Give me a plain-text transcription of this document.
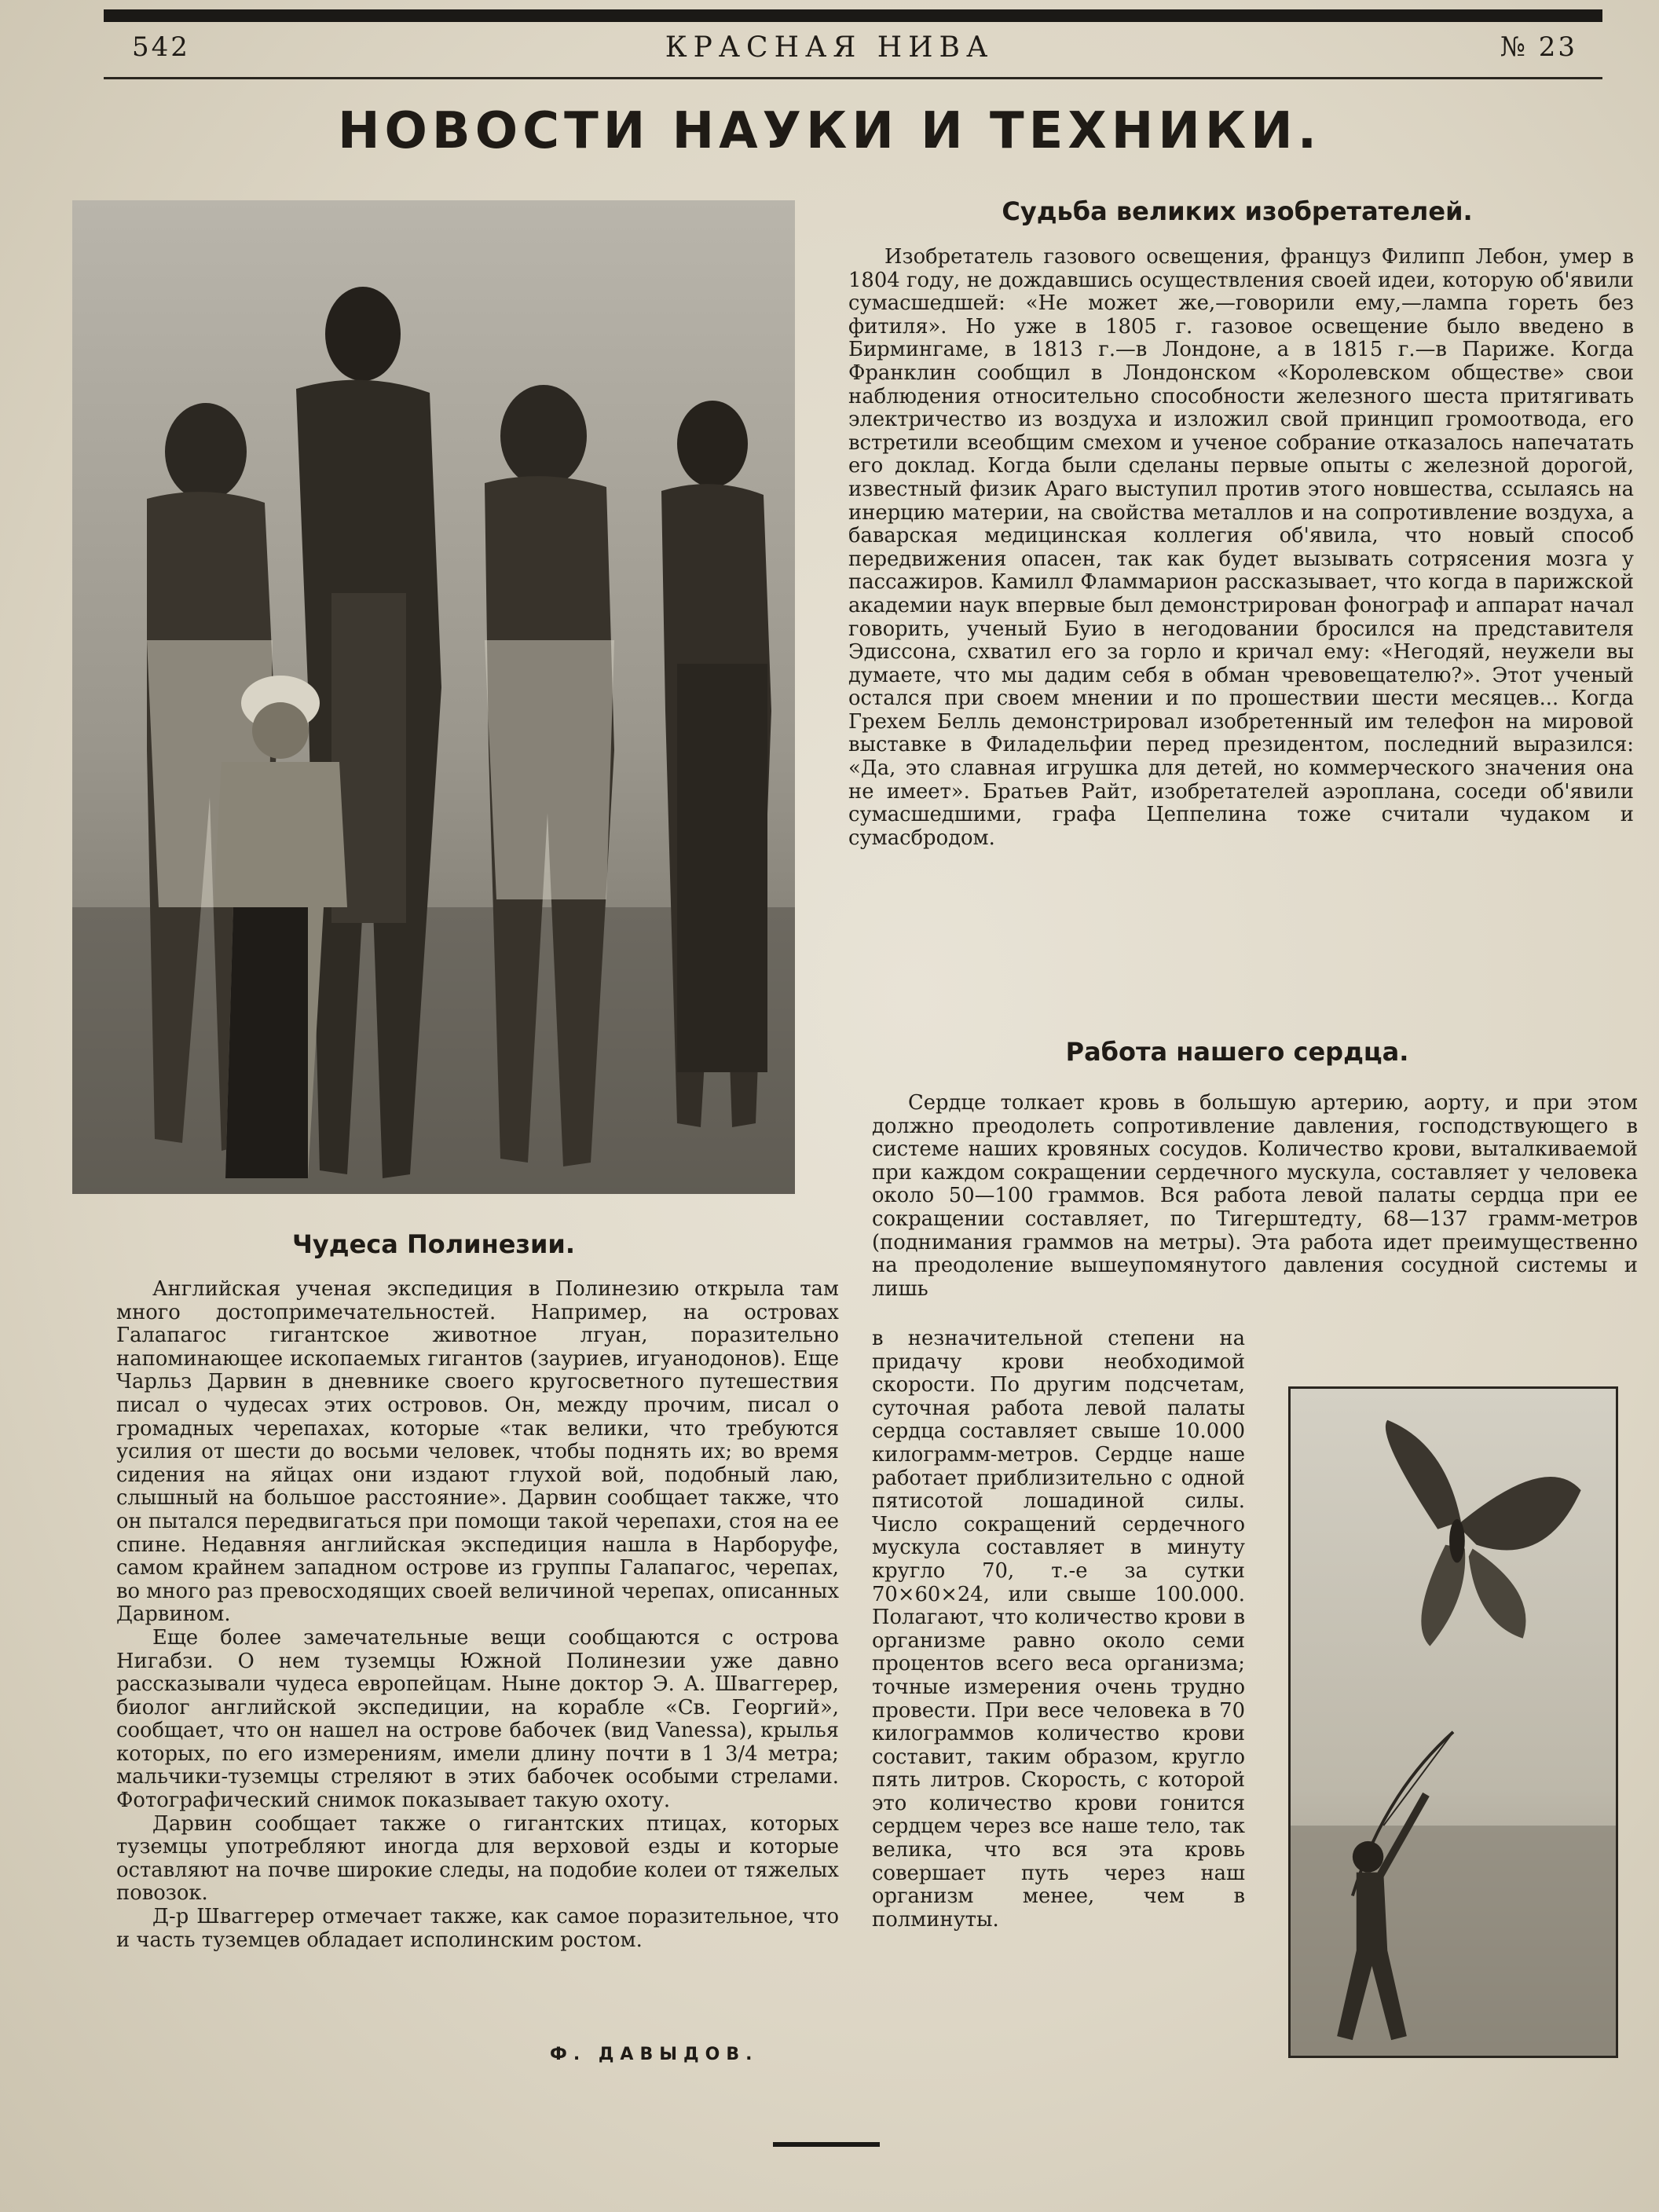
542	КРАСНАЯ НИВА	№ 23
НОВОСТИ НАУКИ И ТЕХНИКИ.
Чудеса Полинезии.

Английская ученая экспедиция в Полинезию открыла там много достопримечательностей. Например, на островах Галапагос гигантское животное лгуан, поразительно напоминающее ископаемых гигантов (зауриев, игуанодонов). Еще Чарльз Дарвин в дневнике своего кругосветного путешествия писал о чудесах этих островов. Он, между прочим, писал о громадных черепахах, которые «так велики, что требуются усилия от шести до восьми человек, чтобы поднять их; во время сидения на яйцах они издают глухой вой, подобный лаю, слышный на большое расстояние». Дарвин сообщает также, что он пытался передвигаться при помощи такой черепахи, стоя на ее спине. Недавняя английская экспедиция нашла в Нарборуфе, самом крайнем западном острове из группы Галапагос, черепах, во много раз превосходящих своей величиной черепах, описанных Дарвином.

Еще более замечательные вещи сообщаются с острова Нигабзи. О нем туземцы Южной Полинезии уже давно рассказывали чудеса европейцам. Ныне доктор Э. А. Швaггерер, биолог английской экспедиции, на корабле «Св. Георгий», сообщает, что он нашел на острове бабочек (вид Vanessa), крылья которых, по его измерениям, имели длину почти в 1 3/4 метра; мальчики-туземцы стреляют в этих бабочек особыми стрелами. Фотографический снимок показывает такую охоту.

Дарвин сообщает также о гигантских птицах, которых туземцы употребляют иногда для верховой езды и которые оставляют на почве широкие следы, на подобие колеи от тяжелых повозок.

Д-р Швaггерер отмечает также, как самое поразительное, что и часть туземцев обладает исполинским ростом.

Ф. ДАВЫДОВ.
Судьба великих изобретателей.

Изобретатель газового освещения, француз Филипп Лебон, умер в 1804 году, не дождавшись осуществления своей идеи, которую об'явили сумасшедшей: «Не может же,—говорили ему,—лампа гореть без фитиля». Но уже в 1805 г. газовое освещение было введено в Бирмингаме, в 1813 г.—в Лондоне, а в 1815 г.—в Париже. Когда Франклин сообщил в Лондонском «Королевском обществе» свои наблюдения относительно способности железного шеста притягивать электричество из воздуха и изложил свой принцип громоотвода, его встретили всеобщим смехом и ученое собрание отказалось напечатать его доклад. Когда были сделаны первые опыты с железной дорогой, известный физик Араго выступил против этого новшества, ссылаясь на инерцию материи, на свойства металлов и на сопротивление воздуха, а баварская медицинская коллегия об'явила, что новый способ передвижения опасен, так как будет вызывать сотрясения мозга у пассажиров. Камилл Фламмарион рассказывает, что когда в парижской академии наук впервые был демонстрирован фонограф и аппарат начал говорить, ученый Буио в негодовании бросился на представителя Эдиссона, схватил его за горло и кричал ему: «Негодяй, неужели вы думаете, что мы дадим себя в обман чревовещателю?». Этот ученый остался при своем мнении и по прошествии шести месяцев... Когда Грехем Белль демонстрировал изобретенный им телефон на мировой выставке в Филадельфии перед президентом, последний выразился: «Да, это славная игрушка для детей, но коммерческого значения она не имеет». Братьев Райт, изобретателей аэроплана, соседи об'явили сумасшедшими, графа Цеппелина тоже считали чудаком и сумасбродом.

Работа нашего сердца.

Сердце толкает кровь в большую артерию, аорту, и при этом должно преодолеть сопротивление давления, господствующего в системе наших кровяных сосудов. Количество крови, выталкиваемой при каждом сокращении сердечного мускула, составляет у человека около 50—100 граммов. Вся работа левой палаты сердца при ее сокращении составляет, по Тигерштедту, 68—137 грамм-метров (поднимания граммов на метры). Эта работа идет преимущественно на преодоление вышеупомянутого давления сосудной системы и лишь

в незначительной степени на придачу крови необходимой скорости. По другим подсчетам, суточная работа левой палаты сердца составляет свыше 10.000 килограмм-метров. Сердце наше работает приблизительно с одной пятисотой лошадиной силы. Число сокращений сердечного мускула составляет в минуту кругло 70, т.-е за сутки 70×60×24, или свыше 100.000. Полагают, что количество крови в организме равно около семи процентов всего веса организма; точные измерения очень трудно провести. При весе человека в 70 килограммов количество крови составит, таким образом, кругло пять литров. Скорость, с которой это количество крови гонится сердцем через все наше тело, так велика, что вся эта кровь совершает путь через наш организм менее, чем в полминуты.
